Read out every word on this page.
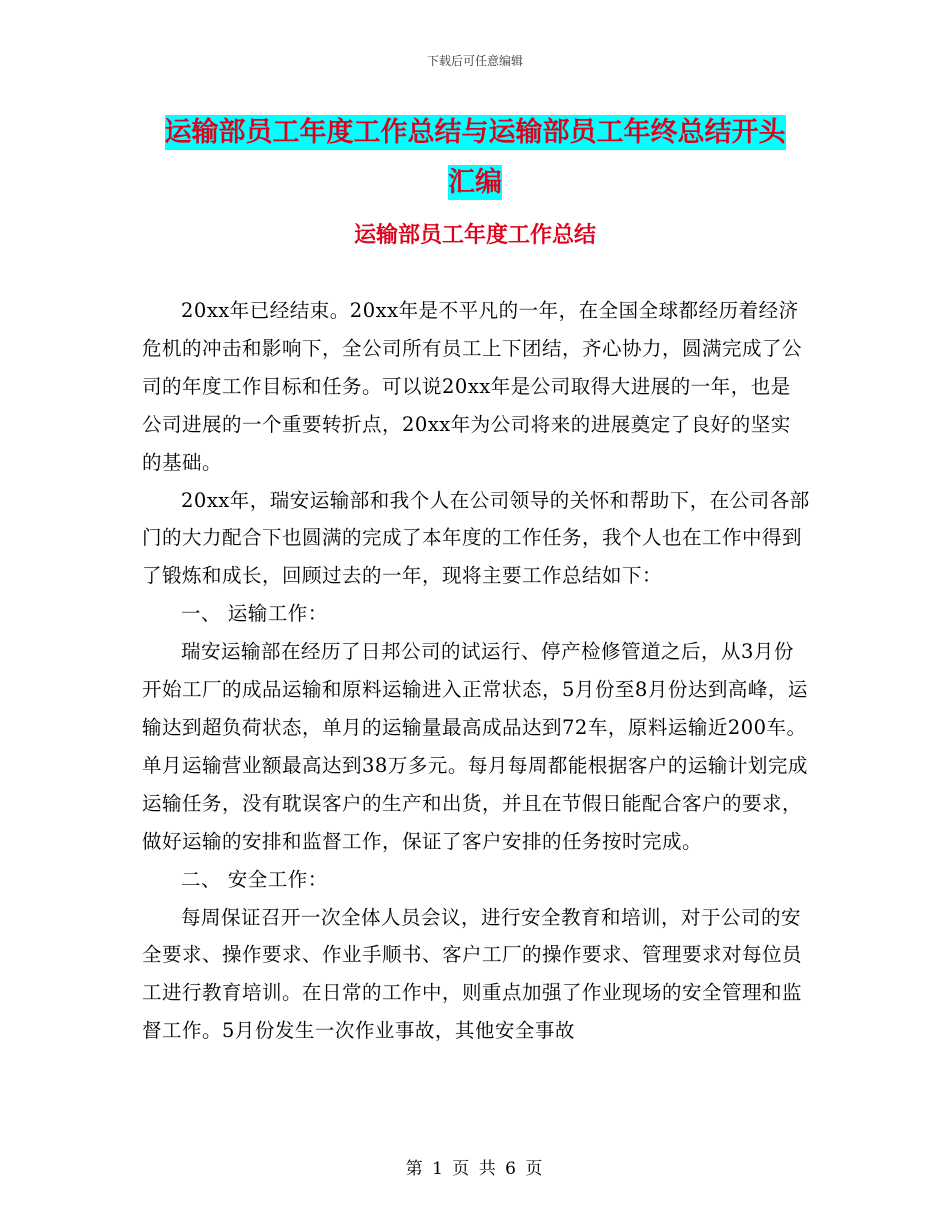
下载后可任意编辑
运输部员工年度工作总结与运输部员工年终总结开头
汇编
运输部员工年度工作总结

20xx年已经结束。20xx年是不平凡的一年，在全国全球都经历着经济危机的冲击和影响下，全公司所有员工上下团结，齐心协力，圆满完成了公司的年度工作目标和任务。可以说20xx年是公司取得大进展的一年，也是公司进展的一个重要转折点，20xx年为公司将来的进展奠定了良好的坚实的基础。

20xx年，瑞安运输部和我个人在公司领导的关怀和帮助下，在公司各部门的大力配合下也圆满的完成了本年度的工作任务，我个人也在工作中得到了锻炼和成长，回顾过去的一年，现将主要工作总结如下：

一、 运输工作：

瑞安运输部在经历了日邦公司的试运行、停产检修管道之后，从3月份开始工厂的成品运输和原料运输进入正常状态，5月份至8月份达到高峰，运输达到超负荷状态，单月的运输量最高成品达到72车，原料运输近200车。单月运输营业额最高达到38万多元。每月每周都能根据客户的运输计划完成运输任务，没有耽误客户的生产和出货，并且在节假日能配合客户的要求，做好运输的安排和监督工作，保证了客户安排的任务按时完成。

二、 安全工作：

每周保证召开一次全体人员会议，进行安全教育和培训，对于公司的安全要求、操作要求、作业手顺书、客户工厂的操作要求、管理要求对每位员工进行教育培训。在日常的工作中，则重点加强了作业现场的安全管理和监督工作。5月份发生一次作业事故，其他安全事故

第 1 页 共 6 页
